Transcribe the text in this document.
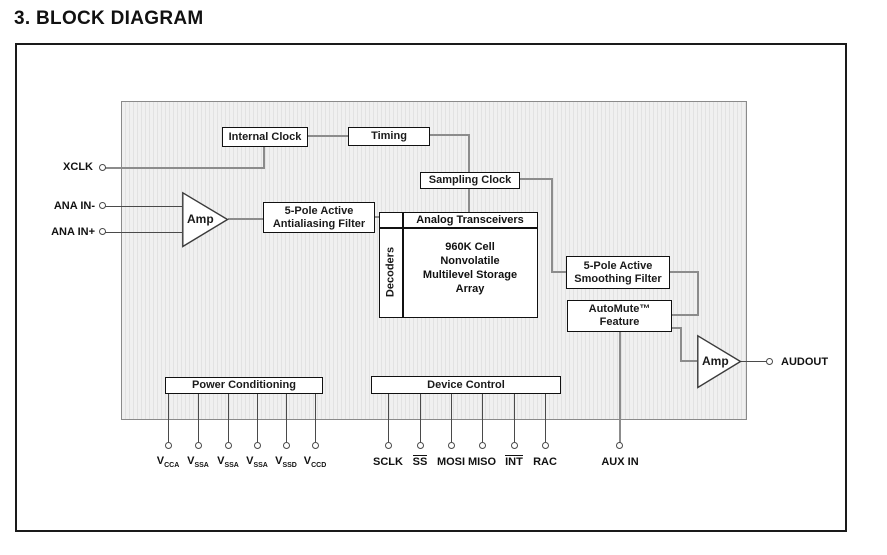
3. BLOCK DIAGRAM
Internal Clock	Timing
Sampling Clock
5-Pole Active
Antialiasing Filter	Analog Transceivers
Decoders	960K Cell
Nonvolatile
Multilevel Storage
Array
5-Pole Active
Smoothing Filter
AutoMute™
Feature
Power Conditioning	Device Control
Amp
Amp
XCLK
ANA IN-
ANA IN+
AUDOUT
AUX IN
$V_{CCA}$ $V_{SSA}$ $V_{SSA}$ $V_{SSA}$ $V_{SSD}$ $V_{CCD}$	SCLK SS MOSI MISO INT RAC
